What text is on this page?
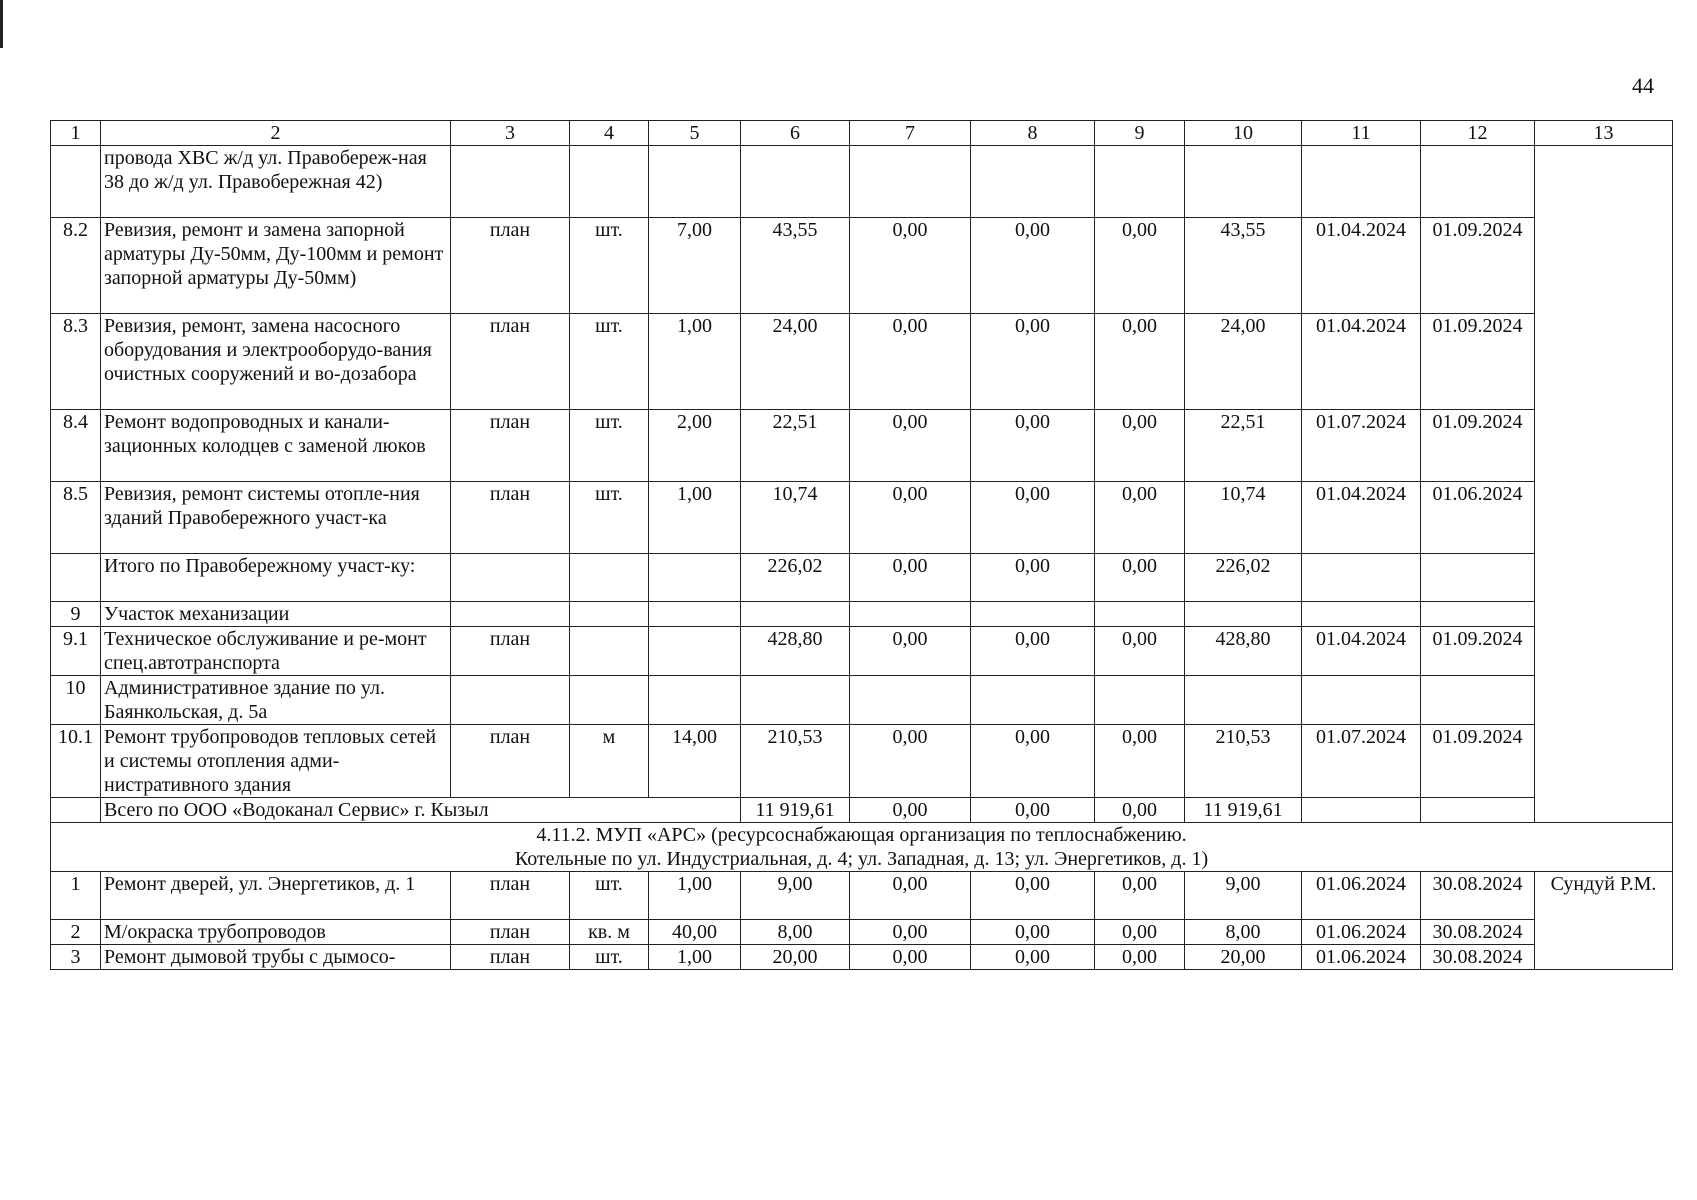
44
1	2	3	4	5	6	7	8	9	10	11	12	13
	провода ХВС ж/д ул. Правобереж-ная 38 до ж/д ул. Правобережная 42)											
8.2	Ревизия, ремонт и замена запорной арматуры Ду-50мм, Ду-100мм и ремонт запорной арматуры Ду-50мм)	план	шт.	7,00	43,55	0,00	0,00	0,00	43,55	01.04.2024	01.09.2024	
8.3	Ревизия, ремонт, замена насосного оборудования и электрооборудо-вания очистных сооружений и во-дозабора	план	шт.	1,00	24,00	0,00	0,00	0,00	24,00	01.04.2024	01.09.2024	
8.4	Ремонт водопроводных и канали-зационных колодцев с заменой люков	план	шт.	2,00	22,51	0,00	0,00	0,00	22,51	01.07.2024	01.09.2024	
8.5	Ревизия, ремонт системы отопле-ния зданий Правобережного участ-ка	план	шт.	1,00	10,74	0,00	0,00	0,00	10,74	01.04.2024	01.06.2024	
	Итого по Правобережному участ-ку:				226,02	0,00	0,00	0,00	226,02			
9	Участок механизации											
9.1	Техническое обслуживание и ре-монт спец.автотранспорта	план			428,80	0,00	0,00	0,00	428,80	01.04.2024	01.09.2024	
10	Административное здание по ул. Баянкольская, д. 5а											
10.1	Ремонт трубопроводов тепловых сетей и системы отопления адми-нистративного здания	план	м	14,00	210,53	0,00	0,00	0,00	210,53	01.07.2024	01.09.2024	
	Всего по ООО «Водоканал Сервис» г. Кызыл				11 919,61	0,00	0,00	0,00	11 919,61			

4.11.2. МУП «АРС» (ресурсоснабжающая организация по теплоснабжению.
Котельные по ул. Индустриальная, д. 4; ул. Западная, д. 13; ул. Энергетиков, д. 1)												

1	Ремонт дверей, ул. Энергетиков, д. 1	план	шт.	1,00	9,00	0,00	0,00	0,00	9,00	01.06.2024	30.08.2024	Сундуй Р.М.
2	М/окраска трубопроводов	план	кв. м	40,00	8,00	0,00	0,00	0,00	8,00	01.06.2024	30.08.2024	
3	Ремонт дымовой трубы с дымосо-	план	шт.	1,00	20,00	0,00	0,00	0,00	20,00	01.06.2024	30.08.2024	
